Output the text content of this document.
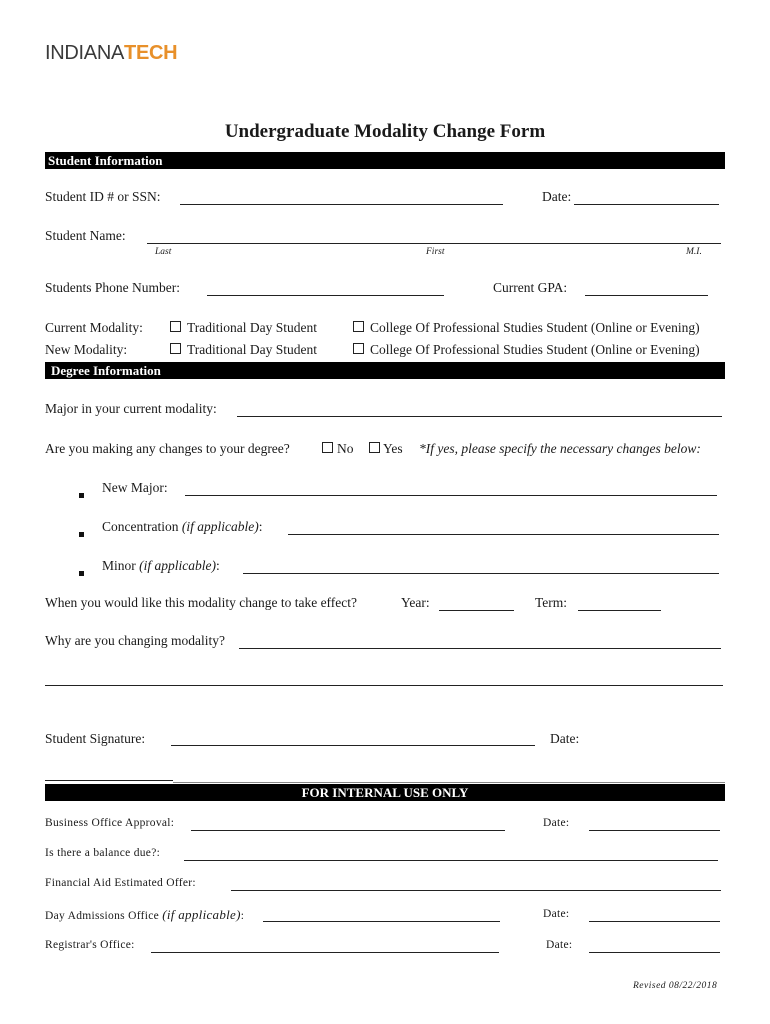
INDIANATECH
Undergraduate Modality Change Form
Student Information
Student ID # or SSN:	Date:
Student Name:
Last	First	M.I.
Students Phone Number:	Current GPA:
Current Modality:	Traditional Day Student	College Of Professional Studies Student (Online or Evening)
New Modality:	Traditional Day Student	College Of Professional Studies Student (Online or Evening)
Degree Information
Major in your current modality:
Are you making any changes to your degree?	No	Yes *If yes, please specify the necessary changes below:
New Major:
Concentration (if applicable):
Minor (if applicable):
When you would like this modality change to take effect?	Year:	Term:
Why are you changing modality?
Student Signature:	Date:
FOR INTERNAL USE ONLY
Business Office Approval:	Date:
Is there a balance due?:
Financial Aid Estimated Offer:
Day Admissions Office (if applicable):	Date:
Registrar's Office:	Date:
Revised 08/22/2018
